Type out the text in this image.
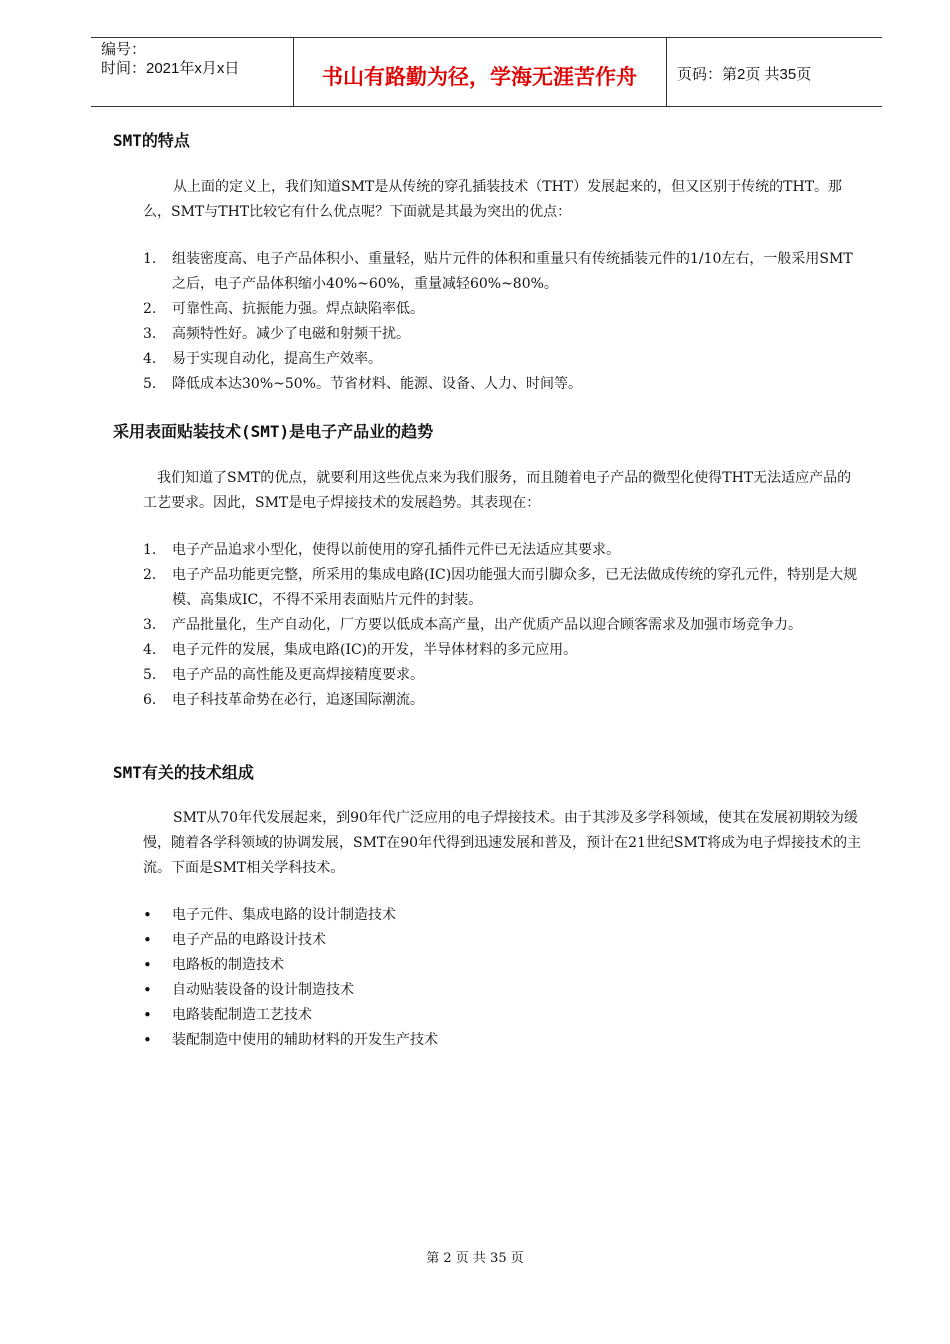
编号：
时间：2021年x月x日	书山有路勤为径，学海无涯苦作舟	页码：第2页 共35页
SMT的特点

从上面的定义上，我们知道SMT是从传统的穿孔插装技术（THT）发展起来的，但又区别于传统的THT。那么，SMT与THT比较它有什么优点呢？下面就是其最为突出的优点：

1. 组装密度高、电子产品体积小、重量轻，贴片元件的体积和重量只有传统插装元件的1/10左右，一般采用SMT之后，电子产品体积缩小40%~60%，重量减轻60%~80%。
2. 可靠性高、抗振能力强。焊点缺陷率低。
3. 高频特性好。减少了电磁和射频干扰。
4. 易于实现自动化，提高生产效率。
5. 降低成本达30%~50%。节省材料、能源、设备、人力、时间等。
采用表面贴装技术(SMT)是电子产品业的趋势

我们知道了SMT的优点，就要利用这些优点来为我们服务，而且随着电子产品的微型化使得THT无法适应产品的工艺要求。因此，SMT是电子焊接技术的发展趋势。其表现在：

1. 电子产品追求小型化，使得以前使用的穿孔插件元件已无法适应其要求。
2. 电子产品功能更完整，所采用的集成电路(IC)因功能强大而引脚众多，已无法做成传统的穿孔元件，特别是大规模、高集成IC，不得不采用表面贴片元件的封装。
3. 产品批量化，生产自动化，厂方要以低成本高产量，出产优质产品以迎合顾客需求及加强市场竞争力。
4. 电子元件的发展，集成电路(IC)的开发，半导体材料的多元应用。
5. 电子产品的高性能及更高焊接精度要求。
6. 电子科技革命势在必行，追逐国际潮流。
SMT有关的技术组成

SMT从70年代发展起来，到90年代广泛应用的电子焊接技术。由于其涉及多学科领域，使其在发展初期较为缓慢，随着各学科领域的协调发展，SMT在90年代得到迅速发展和普及，预计在21世纪SMT将成为电子焊接技术的主流。下面是SMT相关学科技术。

• 电子元件、集成电路的设计制造技术
• 电子产品的电路设计技术
• 电路板的制造技术
• 自动贴装设备的设计制造技术
• 电路装配制造工艺技术
• 装配制造中使用的辅助材料的开发生产技术
第 2 页 共 35 页
